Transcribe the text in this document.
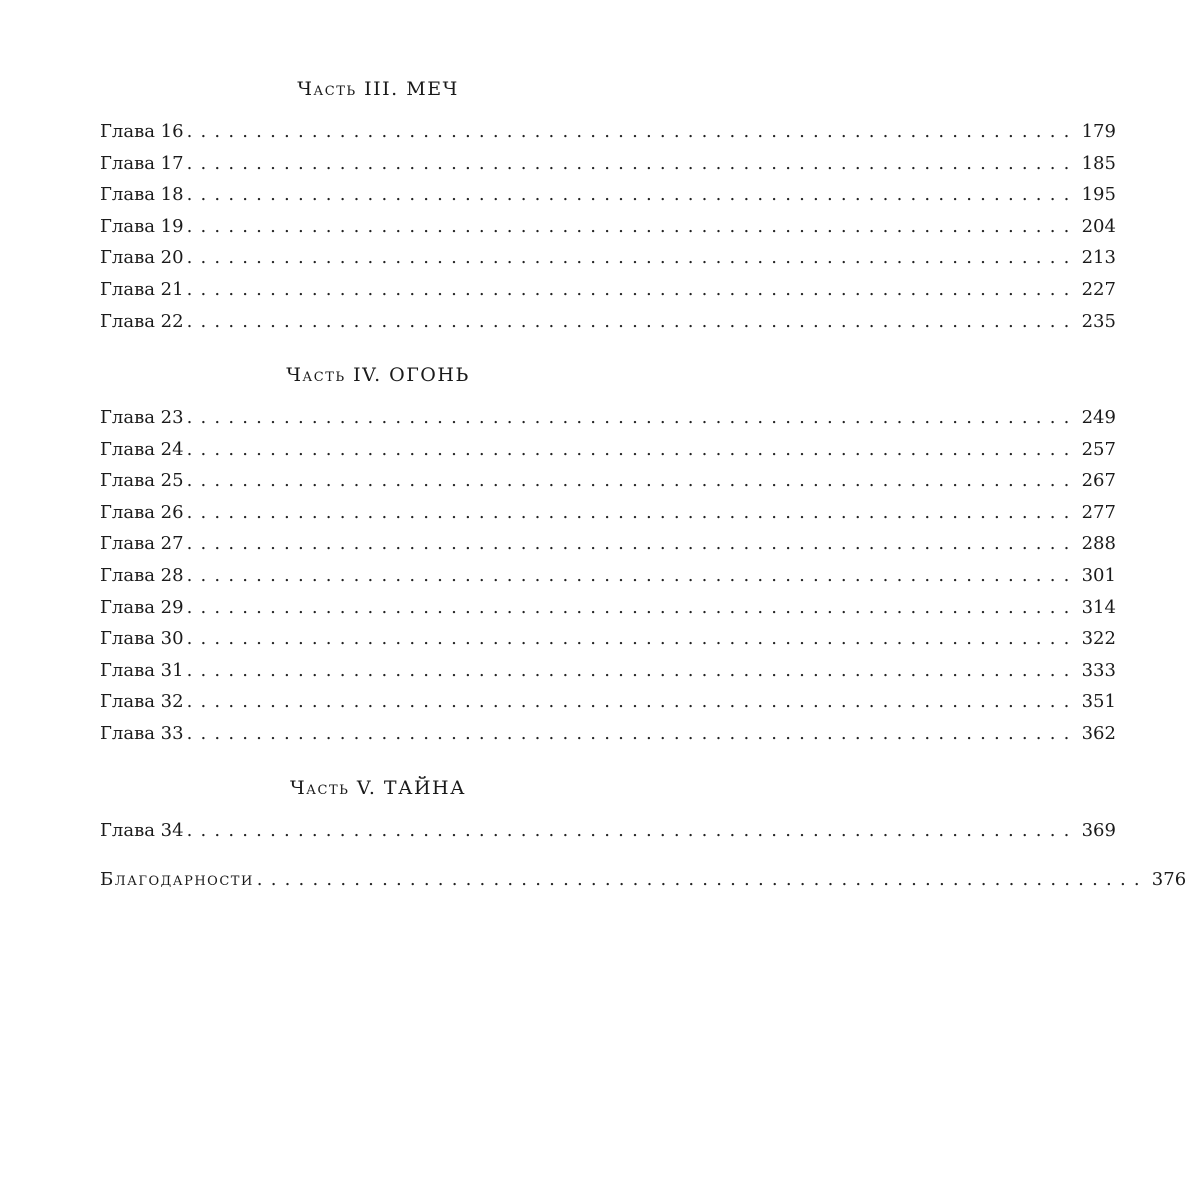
Часть III. МЕЧ
Глава 16 ................................................................ 179
Глава 17 ................................................................ 185
Глава 18 ................................................................ 195
Глава 19 ................................................................ 204
Глава 20 ................................................................ 213
Глава 21 ................................................................ 227
Глава 22 ................................................................ 235
Часть IV. ОГОНЬ
Глава 23 ................................................................ 249
Глава 24 ................................................................ 257
Глава 25 ................................................................ 267
Глава 26 ................................................................ 277
Глава 27 ................................................................ 288
Глава 28 ................................................................ 301
Глава 29 ................................................................ 314
Глава 30 ................................................................ 322
Глава 31 ................................................................ 333
Глава 32 ................................................................ 351
Глава 33 ................................................................ 362
Часть V. ТАЙНА
Глава 34 ................................................................ 369
Благодарности ................................................................ 376
